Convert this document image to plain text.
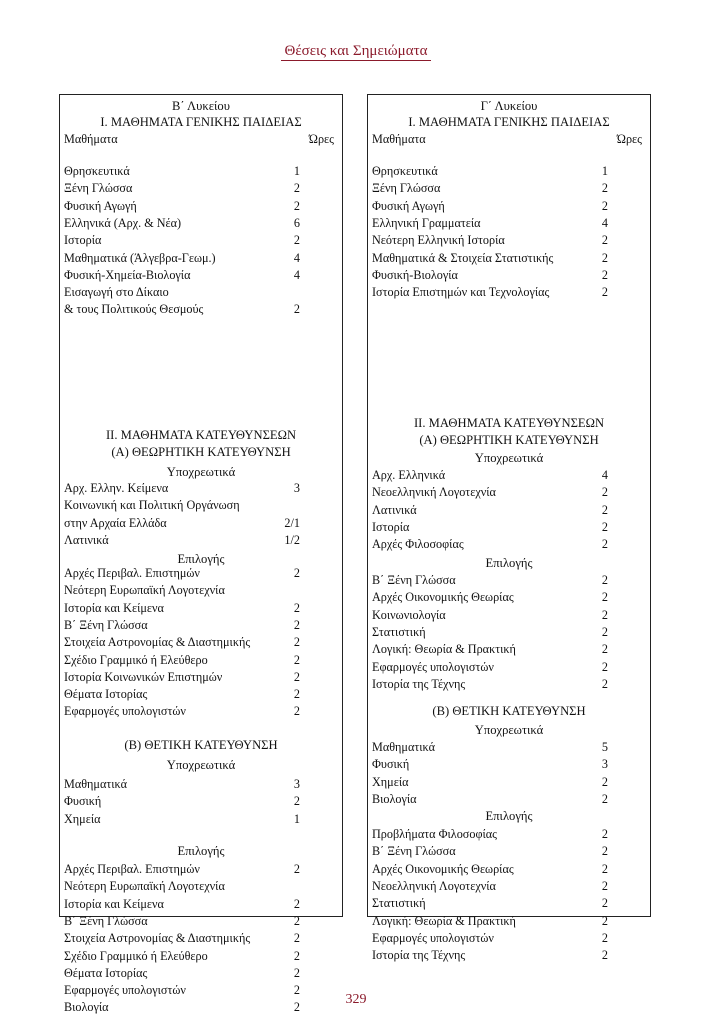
Θέσεις και Σημειώματα
Β΄ Λυκείου
Ι. ΜΑΘΗΜΑΤΑ ΓΕΝΙΚΗΣ ΠΑΙΔΕΙΑΣ
Μαθήματα	Ώρες
Θρησκευτικά	1
Ξένη Γλώσσα	2
Φυσική Αγωγή	2
Ελληνικά (Αρχ. & Νέα)	6
Ιστορία	2
Μαθηματικά (Άλγεβρα-Γεωμ.)	4
Φυσική-Χημεία-Βιολογία	4
Εισαγωγή στο Δίκαιο
& τους Πολιτικούς Θεσμούς	2
ΙΙ. ΜΑΘΗΜΑΤΑ ΚΑΤΕΥΘΥΝΣΕΩΝ
(Α) ΘΕΩΡΗΤΙΚΗ ΚΑΤΕΥΘΥΝΣΗ
Υποχρεωτικά
Αρχ. Ελλην. Κείμενα	3
Κοινωνική και Πολιτική Οργάνωση
στην Αρχαία Ελλάδα	2/1
Λατινικά	1/2
Επιλογής
Αρχές Περιβαλ. Επιστημών	2
Νεότερη Ευρωπαϊκή Λογοτεχνία
Ιστορία και Κείμενα	2
Β΄ Ξένη Γλώσσα	2
Στοιχεία Αστρονομίας & Διαστημικής	2
Σχέδιο Γραμμικό ή Ελεύθερο	2
Ιστορία Κοινωνικών Επιστημών	2
Θέματα Ιστορίας	2
Εφαρμογές υπολογιστών	2
(Β) ΘΕΤΙΚΗ ΚΑΤΕΥΘΥΝΣΗ
Υποχρεωτικά
Μαθηματικά	3
Φυσική	2
Χημεία	1
Επιλογής
Αρχές Περιβαλ. Επιστημών	2
Νεότερη Ευρωπαϊκή Λογοτεχνία
Ιστορία και Κείμενα	2
Β΄ Ξένη Γλώσσα	2
Στοιχεία Αστρονομίας & Διαστημικής	2
Σχέδιο Γραμμικό ή Ελεύθερο	2
Θέματα Ιστορίας	2
Εφαρμογές υπολογιστών	2
Βιολογία	2
Γ΄ Λυκείου
Ι. ΜΑΘΗΜΑΤΑ ΓΕΝΙΚΗΣ ΠΑΙΔΕΙΑΣ
Μαθήματα	Ώρες
Θρησκευτικά	1
Ξένη Γλώσσα	2
Φυσική Αγωγή	2
Ελληνική Γραμματεία	4
Νεότερη Ελληνική Ιστορία	2
Μαθηματικά & Στοιχεία Στατιστικής	2
Φυσική-Βιολογία	2
Ιστορία Επιστημών και Τεχνολογίας	2
ΙΙ. ΜΑΘΗΜΑΤΑ ΚΑΤΕΥΘΥΝΣΕΩΝ
(Α) ΘΕΩΡΗΤΙΚΗ ΚΑΤΕΥΘΥΝΣΗ
Υποχρεωτικά
Αρχ. Ελληνικά	4
Νεοελληνική Λογοτεχνία	2
Λατινικά	2
Ιστορία	2
Αρχές Φιλοσοφίας	2
Επιλογής
Β΄ Ξένη Γλώσσα	2
Αρχές Οικονομικής Θεωρίας	2
Κοινωνιολογία	2
Στατιστική	2
Λογική: Θεωρία & Πρακτική	2
Εφαρμογές υπολογιστών	2
Ιστορία της Τέχνης	2
(Β) ΘΕΤΙΚΗ ΚΑΤΕΥΘΥΝΣΗ
Υποχρεωτικά
Μαθηματικά	5
Φυσική	3
Χημεία	2
Βιολογία	2
Επιλογής
Προβλήματα Φιλοσοφίας	2
Β΄ Ξένη Γλώσσα	2
Αρχές Οικονομικής Θεωρίας	2
Νεοελληνική Λογοτεχνία	2
Στατιστική	2
Λογική: Θεωρία & Πρακτική	2
Εφαρμογές υπολογιστών	2
Ιστορία της Τέχνης	2
329
